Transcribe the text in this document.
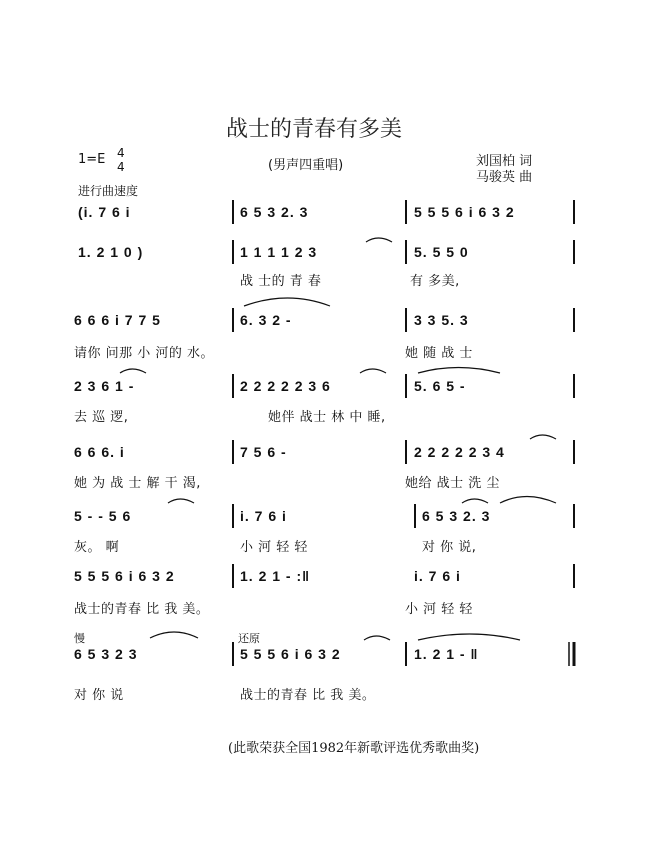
战士的青春有多美
1=E 4
4
进行曲速度
(男声四重唱)	刘国柏 词
马骏英 曲
(i. 7 6 i	6 5 3 2. 3	5 5 5 6 i 6 3 2
1. 2 1 0 )	1 1 1 1 2 3	5. 5 5 0
战 士的 青 春	有 多美,
6 6 6 i 7 7 5	6. 3 2 -	3 3 5. 3
请你 问那 小 河的 水。	她 随 战 士
2 3 6 1 -	2 2 2 2 2 3 6	5. 6 5 -
去 巡 逻,	她伴 战士 林 中 睡,
6 6 6. i	7 5 6 -	2 2 2 2 2 3 4
她 为 战 士 解 干 渴,	她给 战士 洗 尘
5 - - 5 6	i. 7 6 i	6 5 3 2. 3
灰。 啊	小 河 轻 轻	对 你 说,
5 5 5 6 i 6 3 2	1. 2 1 - :‖	i. 7 6 i
战士的青春 比 我 美。	小 河 轻 轻
慢	还原
6 5 3 2 3	5 5 5 6 i 6 3 2	1. 2 1 - ‖
对 你 说	战士的青春 比 我 美。
(此歌荣获全国1982年新歌评选优秀歌曲奖)
